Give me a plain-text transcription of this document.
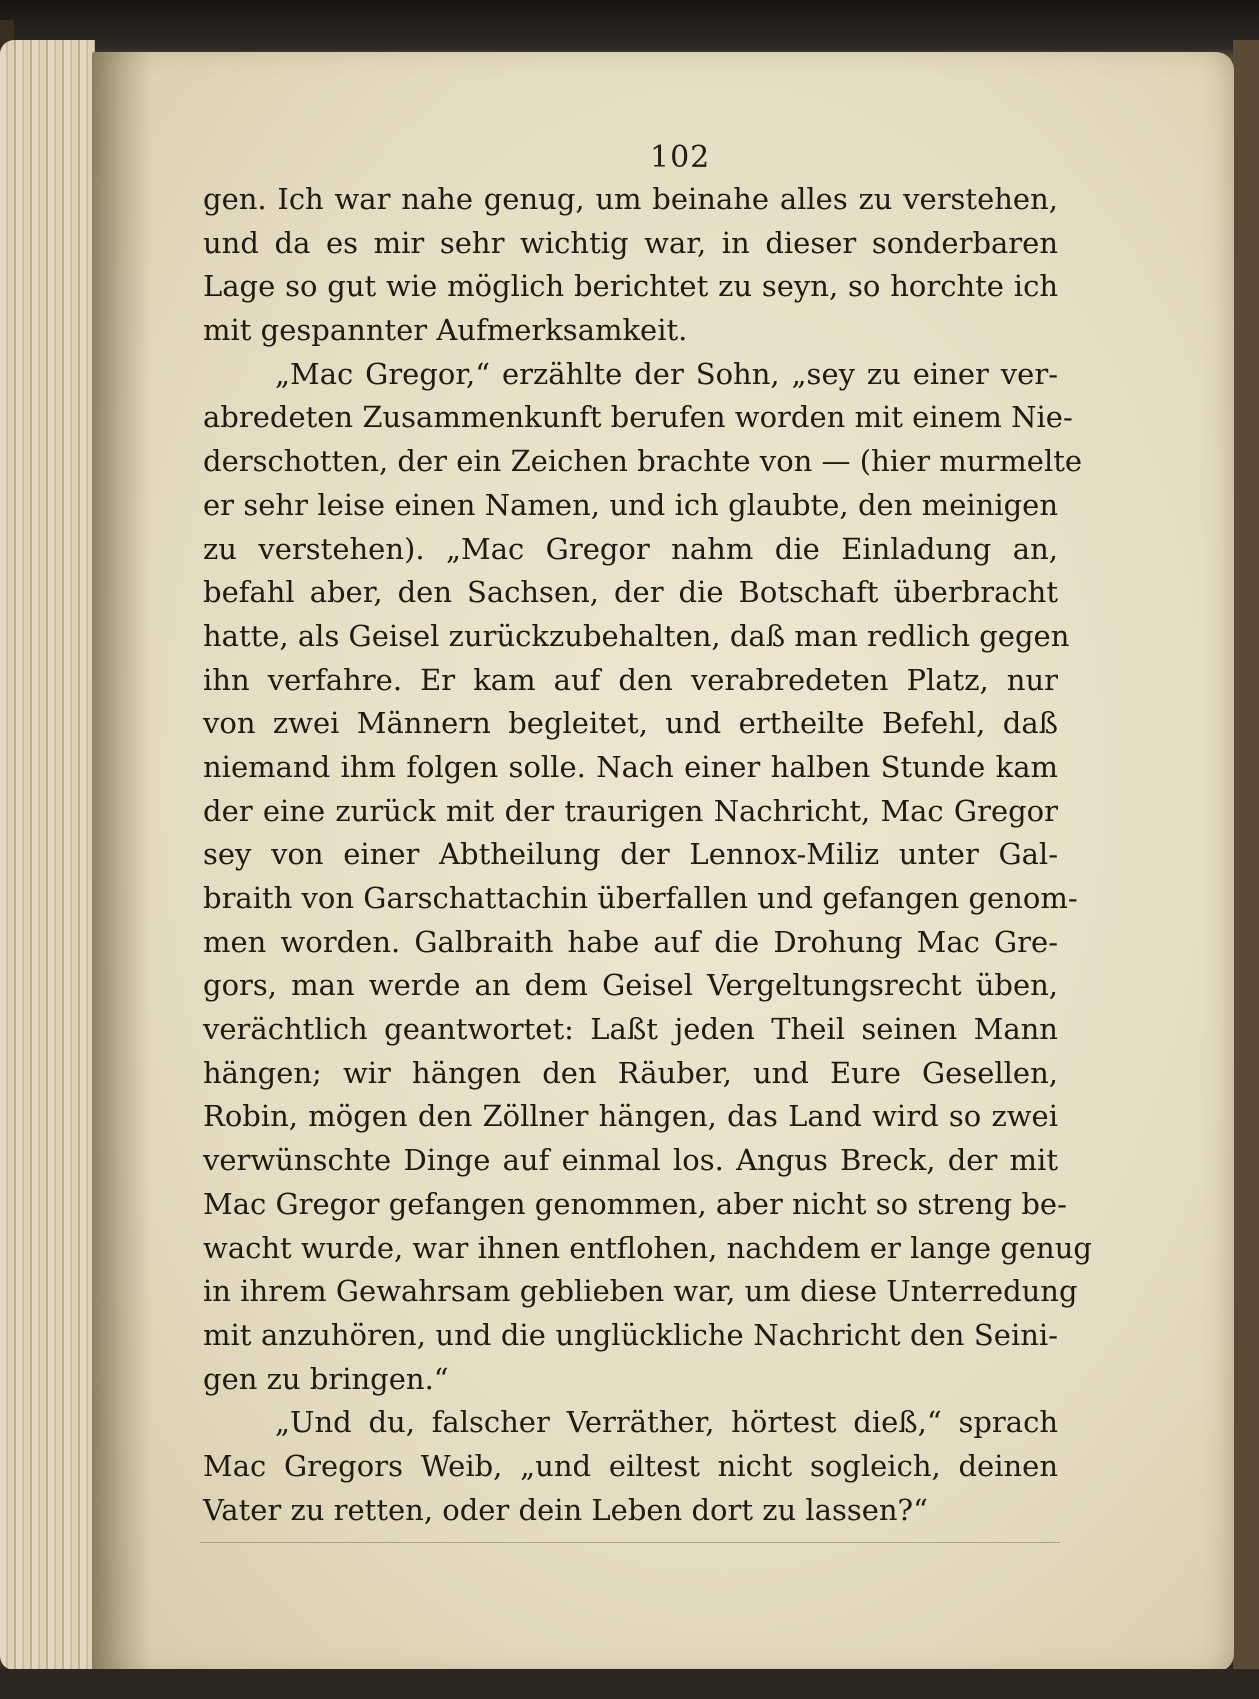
102
gen. Ich war nahe genug, um beinahe alles zu verstehen,
und da es mir sehr wichtig war, in dieser sonderbaren
Lage so gut wie möglich berichtet zu seyn, so horchte ich
mit gespannter Aufmerksamkeit.
„Mac Gregor,“ erzählte der Sohn, „sey zu einer ver-
abredeten Zusammenkunft berufen worden mit einem Nie-
derschotten, der ein Zeichen brachte von — (hier murmelte
er sehr leise einen Namen, und ich glaubte, den meinigen
zu verstehen). „Mac Gregor nahm die Einladung an,
befahl aber, den Sachsen, der die Botschaft überbracht
hatte, als Geisel zurückzubehalten, daß man redlich gegen
ihn verfahre. Er kam auf den verabredeten Platz, nur
von zwei Männern begleitet, und ertheilte Befehl, daß
niemand ihm folgen solle. Nach einer halben Stunde kam
der eine zurück mit der traurigen Nachricht, Mac Gregor
sey von einer Abtheilung der Lennox-Miliz unter Gal-
braith von Garschattachin überfallen und gefangen genom-
men worden. Galbraith habe auf die Drohung Mac Gre-
gors, man werde an dem Geisel Vergeltungsrecht üben,
verächtlich geantwortet: Laßt jeden Theil seinen Mann
hängen; wir hängen den Räuber, und Eure Gesellen,
Robin, mögen den Zöllner hängen, das Land wird so zwei
verwünschte Dinge auf einmal los. Angus Breck, der mit
Mac Gregor gefangen genommen, aber nicht so streng be-
wacht wurde, war ihnen entflohen, nachdem er lange genug
in ihrem Gewahrsam geblieben war, um diese Unterredung
mit anzuhören, und die unglückliche Nachricht den Seini-
gen zu bringen.“
„Und du, falscher Verräther, hörtest dieß,“ sprach
Mac Gregors Weib, „und eiltest nicht sogleich, deinen
Vater zu retten, oder dein Leben dort zu lassen?“
